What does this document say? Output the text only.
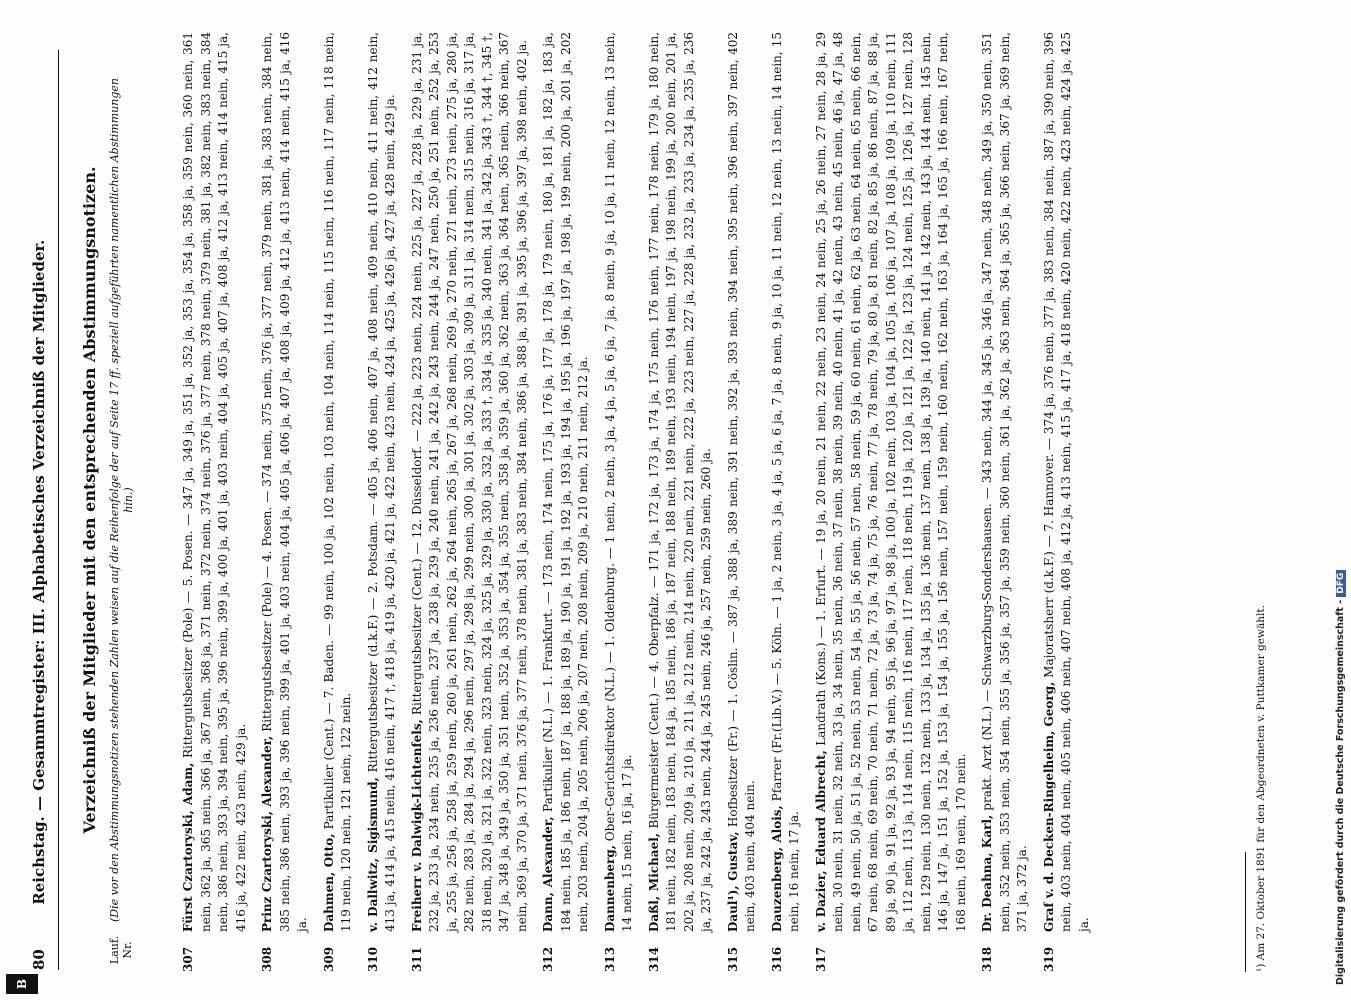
B
80 Reichstag. — Gesammtregister: III. Alphabetisches Verzeichniß der Mitglieder. Verzeichniß der Mitglieder mit den entsprechenden Abstimmungsnotizen.
Lauf. Nr.
(Die vor den Abstimmungsnotizen stehenden Zahlen weisen auf die Reihenfolge der auf Seite 17 ff. speziell aufgeführten namentlichen Abstimmungen hin.)
307
Fürst Czartoryski, Adam, Rittergutsbesitzer (Pole) — 5. Posen. — 347 ja, 349 ja, 351 ja, 352 ja, 353 ja, 354 ja, 358 ja, 359 nein, 360 nein, 361 nein, 362 ja, 365 nein, 366 ja, 367 nein, 368 ja, 371 nein, 372 nein, 374 nein, 376 ja, 377 nein, 378 nein, 379 nein, 381 ja, 382 nein, 383 nein, 384 nein, 386 nein, 393 ja, 394 nein, 395 ja, 396 nein, 399 ja, 400 ja, 401 ja, 403 nein, 404 ja, 405 ja, 407 ja, 408 ja, 412 ja, 413 nein, 414 nein, 415 ja, 416 ja, 422 nein, 423 nein, 429 ja.
308
Prinz Czartoryski, Alexander, Rittergutsbesitzer (Pole) — 4. Posen. — 374 nein, 375 nein, 376 ja, 377 nein, 379 nein, 381 ja, 383 nein, 384 nein, 385 nein, 386 nein, 393 ja, 396 nein, 399 ja, 401 ja, 403 nein, 404 ja, 405 ja, 406 ja, 407 ja, 408 ja, 409 ja, 412 ja, 413 nein, 414 nein, 415 ja, 416 ja.
309
Dahmen, Otto, Partikulier (Cent.) — 7. Baden. — 99 nein, 100 ja, 102 nein, 103 nein, 104 nein, 114 nein, 115 nein, 116 nein, 117 nein, 118 nein, 119 nein, 120 nein, 121 nein, 122 nein.
310
v. Dallwitz, Sigismund, Rittergutsbesitzer (d.k.F.) — 2. Potsdam. — 405 ja, 406 nein, 407 ja, 408 nein, 409 nein, 410 nein, 411 nein, 412 nein, 413 ja, 414 ja, 415 nein, 416 nein, 417 †, 418 ja, 419 ja, 420 ja, 421 ja, 422 nein, 423 nein, 424 ja, 425 ja, 426 ja, 427 ja, 428 nein, 429 ja.
311
Freiherr v. Dalwigk-Lichtenfels, Rittergutsbesitzer (Cent.) — 12. Düsseldorf. — 222 ja, 223 nein, 224 nein, 225 ja, 227 ja, 228 ja, 229 ja, 231 ja, 232 ja, 233 ja, 234 nein, 235 ja, 236 nein, 237 ja, 238 ja, 239 ja, 240 nein, 241 ja, 242 ja, 243 nein, 244 ja, 247 nein, 250 ja, 251 nein, 252 ja, 253 ja, 255 ja, 256 ja, 258 ja, 259 nein, 260 ja, 261 nein, 262 ja, 264 nein, 265 ja, 267 ja, 268 nein, 269 ja, 270 nein, 271 nein, 273 nein, 275 ja, 280 ja, 282 nein, 283 ja, 284 ja, 294 ja, 296 nein, 297 ja, 298 ja, 299 nein, 300 ja, 301 ja, 302 ja, 303 ja, 309 ja, 311 ja, 314 nein, 315 nein, 316 ja, 317 ja, 318 nein, 320 ja, 321 ja, 322 nein, 323 nein, 324 ja, 325 ja, 329 ja, 330 ja, 332 ja, 333 †, 334 ja, 335 ja, 340 nein, 341 ja, 342 ja, 343 †, 344 †, 345 †, 347 ja, 348 ja, 349 ja, 350 ja, 351 nein, 352 ja, 353 ja, 354 ja, 355 nein, 358 ja, 359 ja, 360 ja, 362 nein, 363 ja, 364 nein, 365 nein, 366 nein, 367 nein, 369 ja, 370 ja, 371 nein, 376 ja, 377 nein, 378 nein, 381 ja, 383 nein, 384 nein, 386 ja, 388 ja, 391 ja, 395 ja, 396 ja, 397 ja, 398 nein, 402 ja.
312
Dann, Alexander, Partikulier (N.L.) — 1. Frankfurt. — 173 nein, 174 nein, 175 ja, 176 ja, 177 ja, 178 ja, 179 nein, 180 ja, 181 ja, 182 ja, 183 ja, 184 nein, 185 ja, 186 nein, 187 ja, 188 ja, 189 ja, 190 ja, 191 ja, 192 ja, 193 ja, 194 ja, 195 ja, 196 ja, 197 ja, 198 ja, 199 nein, 200 ja, 201 ja, 202 nein, 203 nein, 204 ja, 205 nein, 206 ja, 207 nein, 208 nein, 209 ja, 210 nein, 211 nein, 212 ja.
313
Dannenberg, Ober-Gerichtsdirektor (N.L.) — 1. Oldenburg. — 1 nein, 2 nein, 3 ja, 4 ja, 5 ja, 6 ja, 7 ja, 8 nein, 9 ja, 10 ja, 11 nein, 12 nein, 13 nein, 14 nein, 15 nein, 16 ja, 17 ja.
314
Daßl, Michael, Bürgermeister (Cent.) — 4. Oberpfalz. — 171 ja, 172 ja, 173 ja, 174 ja, 175 nein, 176 nein, 177 nein, 178 nein, 179 ja, 180 nein, 181 nein, 182 nein, 183 nein, 184 ja, 185 nein, 186 ja, 187 nein, 188 nein, 189 nein, 193 nein, 194 nein, 197 ja, 198 nein, 199 ja, 200 nein, 201 ja, 202 ja, 208 nein, 209 ja, 210 ja, 211 ja, 212 nein, 214 nein, 220 nein, 221 nein, 222 ja, 223 nein, 227 ja, 228 ja, 232 ja, 233 ja, 234 ja, 235 ja, 236 ja, 237 ja, 242 ja, 243 nein, 244 ja, 245 nein, 246 ja, 257 nein, 259 nein, 260 ja.
315
Daul¹), Gustav, Hofbesitzer (Fr.) — 1. Cöslin. — 387 ja, 388 ja, 389 nein, 391 nein, 392 ja, 393 nein, 394 nein, 395 nein, 396 nein, 397 nein, 402 nein, 403 nein, 404 nein.
316
Dauzenberg, Alois, Pfarrer (Fr.(Lib.V.) — 5. Köln. — 1 ja, 2 nein, 3 ja, 4 ja, 5 ja, 6 ja, 7 ja, 8 nein, 9 ja, 10 ja, 11 nein, 12 nein, 13 nein, 14 nein, 15 nein, 16 nein, 17 ja.
317
v. Dazier, Eduard Albrecht, Landrath (Kons.) — 1. Erfurt. — 19 ja, 20 nein, 21 nein, 22 nein, 23 nein, 24 nein, 25 ja, 26 nein, 27 nein, 28 ja, 29 nein, 30 nein, 31 nein, 32 nein, 33 ja, 34 nein, 35 nein, 36 nein, 37 nein, 38 nein, 39 nein, 40 nein, 41 ja, 42 nein, 43 nein, 45 nein, 46 ja, 47 ja, 48 nein, 49 nein, 50 ja, 51 ja, 52 nein, 53 nein, 54 ja, 55 ja, 56 nein, 57 nein, 58 nein, 59 ja, 60 nein, 61 nein, 62 ja, 63 nein, 64 nein, 65 nein, 66 nein, 67 nein, 68 nein, 69 nein, 70 nein, 71 nein, 72 ja, 73 ja, 74 ja, 75 ja, 76 nein, 77 ja, 78 nein, 79 ja, 80 ja, 81 nein, 82 ja, 85 ja, 86 nein, 87 ja, 88 ja, 89 ja, 90 ja, 91 ja, 92 ja, 93 ja, 94 nein, 95 ja, 96 ja, 97 ja, 98 ja, 100 ja, 102 nein, 103 ja, 104 ja, 105 ja, 106 ja, 107 ja, 108 ja, 109 ja, 110 nein, 111 ja, 112 nein, 113 ja, 114 nein, 115 nein, 116 nein, 117 nein, 118 nein, 119 ja, 120 ja, 121 ja, 122 ja, 123 ja, 124 nein, 125 ja, 126 ja, 127 nein, 128 nein, 129 nein, 130 nein, 132 nein, 133 ja, 134 ja, 135 ja, 136 nein, 137 nein, 138 ja, 139 ja, 140 nein, 141 ja, 142 nein, 143 ja, 144 nein, 145 nein, 146 ja, 147 ja, 151 ja, 152 ja, 153 ja, 154 ja, 155 ja, 156 nein, 157 nein, 159 nein, 160 nein, 162 nein, 163 ja, 164 ja, 165 ja, 166 nein, 167 nein, 168 nein, 169 nein, 170 nein.
318
Dr. Deahna, Karl, prakt. Arzt (N.L.) — Schwarzburg-Sondershausen. — 343 nein, 344 ja, 345 ja, 346 ja, 347 nein, 348 nein, 349 ja, 350 nein, 351 nein, 352 nein, 353 nein, 354 nein, 355 ja, 356 ja, 357 ja, 359 nein, 360 nein, 361 ja, 362 ja, 363 nein, 364 ja, 365 ja, 366 nein, 367 ja, 369 nein, 371 ja, 372 ja.
319
Graf v. d. Decken-Ringelheim, Georg, Majoratsherr (d.k.F.) — 7. Hannover. — 374 ja, 376 nein, 377 ja, 383 nein, 384 nein, 387 ja, 390 nein, 396 nein, 403 nein, 404 nein, 405 nein, 406 nein, 407 nein, 408 ja, 412 ja, 413 nein, 415 ja, 417 ja, 418 nein, 420 nein, 422 nein, 423 nein, 424 ja, 425 ja.	¹) Am 27. Oktober 1891 für den Abgeordneten v. Puttkamer gewählt.	Digitalisierung gefördert durch die Deutsche Forschungsgemeinschaft -DFG
